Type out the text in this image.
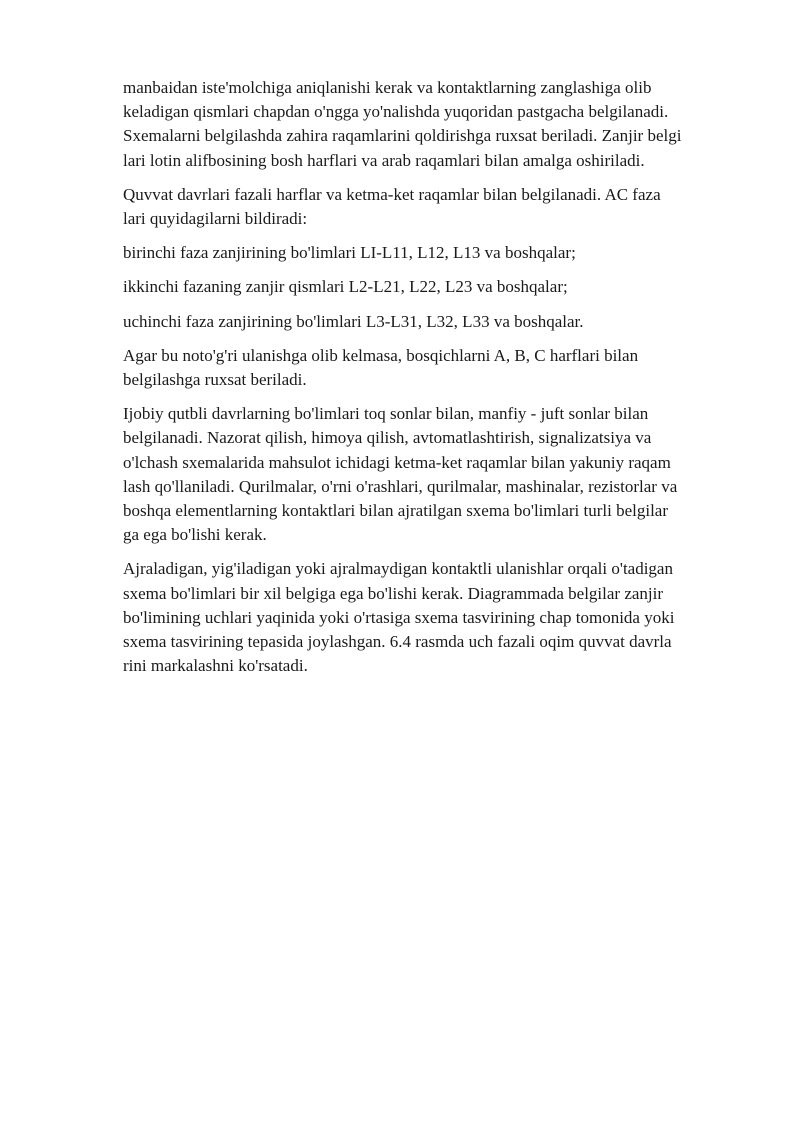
manbaidan iste'molchiga aniqlanishi kerak va kontaktlarning zanglashiga olib
keladigan qismlari chapdan o'ngga yo'nalishda yuqoridan pastgacha belgilanadi.
Sxemalarni belgilashda zahira raqamlarini qoldirishga ruxsat beriladi. Zanjir belgi
lari lotin alifbosining bosh harflari va arab raqamlari bilan amalga oshiriladi.

Quvvat davrlari fazali harflar va ketma-ket raqamlar bilan belgilanadi. AC faza
lari quyidagilarni bildiradi:

birinchi faza zanjirining bo'limlari LI-L11, L12, L13 va boshqalar;

ikkinchi fazaning zanjir qismlari L2-L21, L22, L23 va boshqalar;

uchinchi faza zanjirining bo'limlari L3-L31, L32, L33 va boshqalar.

Agar bu noto'g'ri ulanishga olib kelmasa, bosqichlarni A, B, C harflari bilan
belgilashga ruxsat beriladi.

Ijobiy qutbli davrlarning bo'limlari toq sonlar bilan, manfiy - juft sonlar bilan
belgilanadi. Nazorat qilish, himoya qilish, avtomatlashtirish, signalizatsiya va
o'lchash sxemalarida mahsulot ichidagi ketma-ket raqamlar bilan yakuniy raqam
lash qo'llaniladi. Qurilmalar, o'rni o'rashlari, qurilmalar, mashinalar, rezistorlar va
boshqa elementlarning kontaktlari bilan ajratilgan sxema bo'limlari turli belgilar
ga ega bo'lishi kerak.

Ajraladigan, yig'iladigan yoki ajralmaydigan kontaktli ulanishlar orqali o'tadigan
sxema bo'limlari bir xil belgiga ega bo'lishi kerak. Diagrammada belgilar zanjir
bo'limining uchlari yaqinida yoki o'rtasiga sxema tasvirining chap tomonida yoki
sxema tasvirining tepasida joylashgan. 6.4 rasmda uch fazali oqim quvvat davrla
rini markalashni ko'rsatadi.
